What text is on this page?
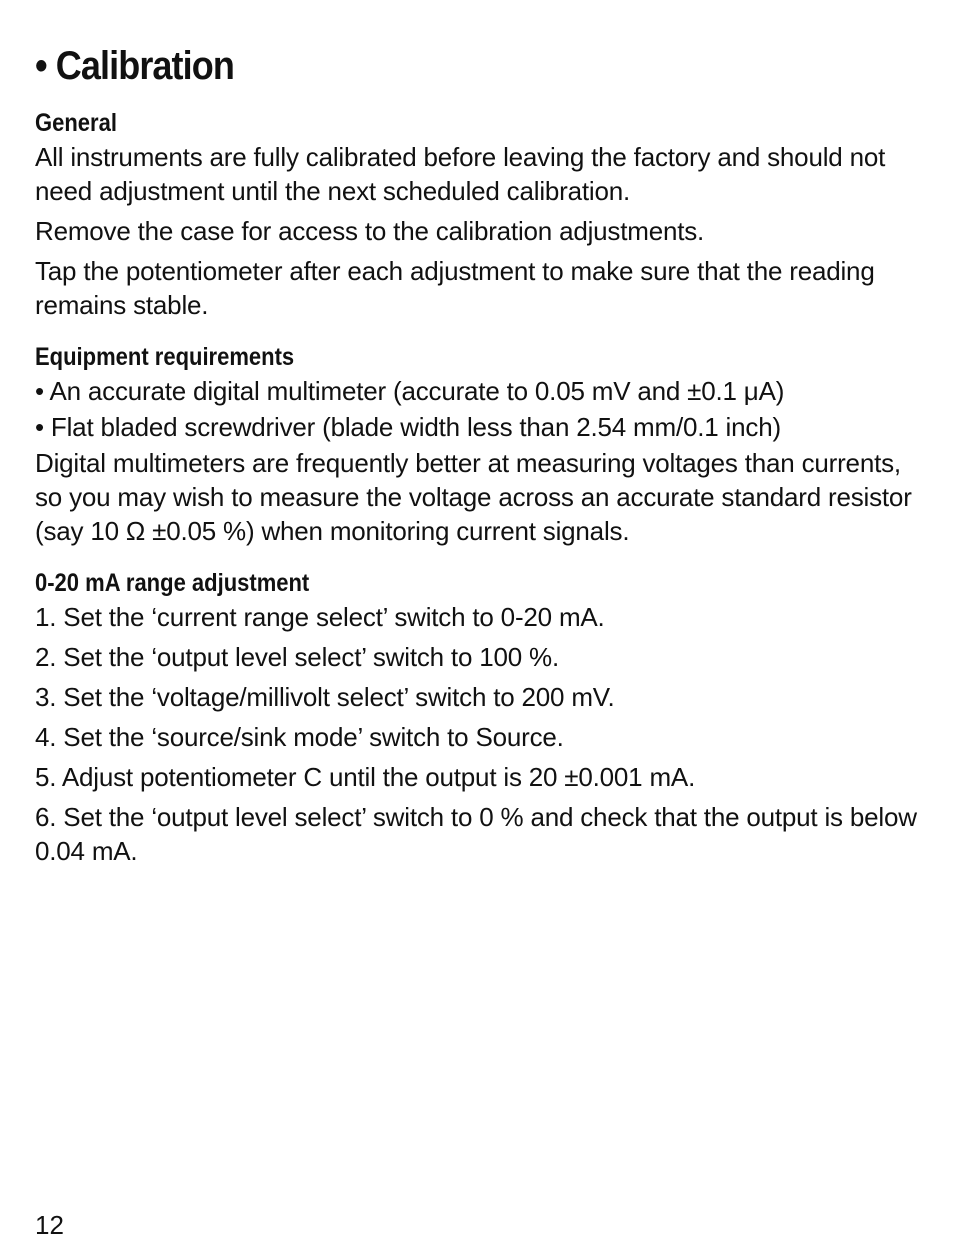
• Calibration
General

All instruments are fully calibrated before leaving the factory and should not need adjustment until the next scheduled calibration.

Remove the case for access to the calibration adjustments.

Tap the potentiometer after each adjustment to make sure that the reading remains stable.

Equipment requirements

• An accurate digital multimeter (accurate to 0.05 mV and ±0.1 μA)

• Flat bladed screwdriver (blade width less than 2.54 mm/0.1 inch)

Digital multimeters are frequently better at measuring voltages than currents, so you may wish to measure the voltage across an accurate standard resistor (say 10 Ω ±0.05 %) when monitoring current signals.

0-20 mA range adjustment

1. Set the ‘current range select’ switch to 0-20 mA.

2. Set the ‘output level select’ switch to 100 %.

3. Set the ‘voltage/millivolt select’ switch to 200 mV.

4. Set the ‘source/sink mode’ switch to Source.

5. Adjust potentiometer C until the output is 20 ±0.001 mA.

6. Set the ‘output level select’ switch to 0 % and check that the output is below 0.04 mA.

12
